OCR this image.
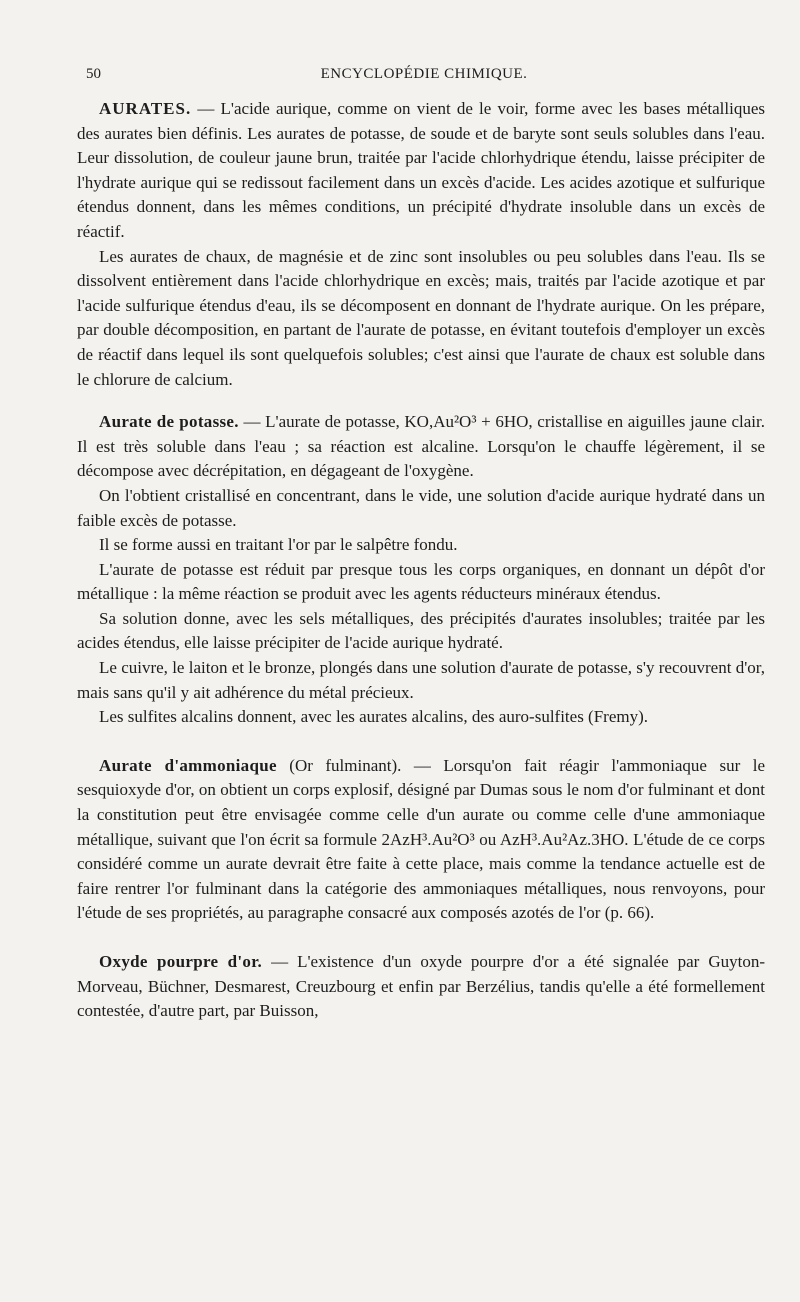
50	ENCYCLOPÉDIE CHIMIQUE.

AURATES. — L'acide aurique, comme on vient de le voir, forme avec les bases métalliques des aurates bien définis. Les aurates de potasse, de soude et de baryte sont seuls solubles dans l'eau. Leur dissolution, de couleur jaune brun, traitée par l'acide chlorhydrique étendu, laisse précipiter de l'hydrate aurique qui se redissout facilement dans un excès d'acide. Les acides azotique et sulfurique étendus donnent, dans les mêmes conditions, un précipité d'hydrate insoluble dans un excès de réactif.

Les aurates de chaux, de magnésie et de zinc sont insolubles ou peu solubles dans l'eau. Ils se dissolvent entièrement dans l'acide chlorhydrique en excès; mais, traités par l'acide azotique et par l'acide sulfurique étendus d'eau, ils se décomposent en donnant de l'hydrate aurique. On les prépare, par double décomposition, en partant de l'aurate de potasse, en évitant toutefois d'employer un excès de réactif dans lequel ils sont quelquefois solubles; c'est ainsi que l'aurate de chaux est soluble dans le chlorure de calcium.

Aurate de potasse. — L'aurate de potasse, KO,Au²O³ + 6HO, cristallise en aiguilles jaune clair. Il est très soluble dans l'eau ; sa réaction est alcaline. Lorsqu'on le chauffe légèrement, il se décompose avec décrépitation, en dégageant de l'oxygène.

On l'obtient cristallisé en concentrant, dans le vide, une solution d'acide aurique hydraté dans un faible excès de potasse.

Il se forme aussi en traitant l'or par le salpêtre fondu.

L'aurate de potasse est réduit par presque tous les corps organiques, en donnant un dépôt d'or métallique : la même réaction se produit avec les agents réducteurs minéraux étendus.

Sa solution donne, avec les sels métalliques, des précipités d'aurates insolubles; traitée par les acides étendus, elle laisse précipiter de l'acide aurique hydraté.

Le cuivre, le laiton et le bronze, plongés dans une solution d'aurate de potasse, s'y recouvrent d'or, mais sans qu'il y ait adhérence du métal précieux.

Les sulfites alcalins donnent, avec les aurates alcalins, des auro-sulfites (Fremy).

Aurate d'ammoniaque (Or fulminant). — Lorsqu'on fait réagir l'ammoniaque sur le sesquioxyde d'or, on obtient un corps explosif, désigné par Dumas sous le nom d'or fulminant et dont la constitution peut être envisagée comme celle d'un aurate ou comme celle d'une ammoniaque métallique, suivant que l'on écrit sa formule 2AzH³.Au²O³ ou AzH³.Au²Az.3HO. L'étude de ce corps considéré comme un aurate devrait être faite à cette place, mais comme la tendance actuelle est de faire rentrer l'or fulminant dans la catégorie des ammoniaques métalliques, nous renvoyons, pour l'étude de ses propriétés, au paragraphe consacré aux composés azotés de l'or (p. 66).

Oxyde pourpre d'or. — L'existence d'un oxyde pourpre d'or a été signalée par Guyton-Morveau, Büchner, Desmarest, Creuzbourg et enfin par Berzélius, tandis qu'elle a été formellement contestée, d'autre part, par Buisson,
